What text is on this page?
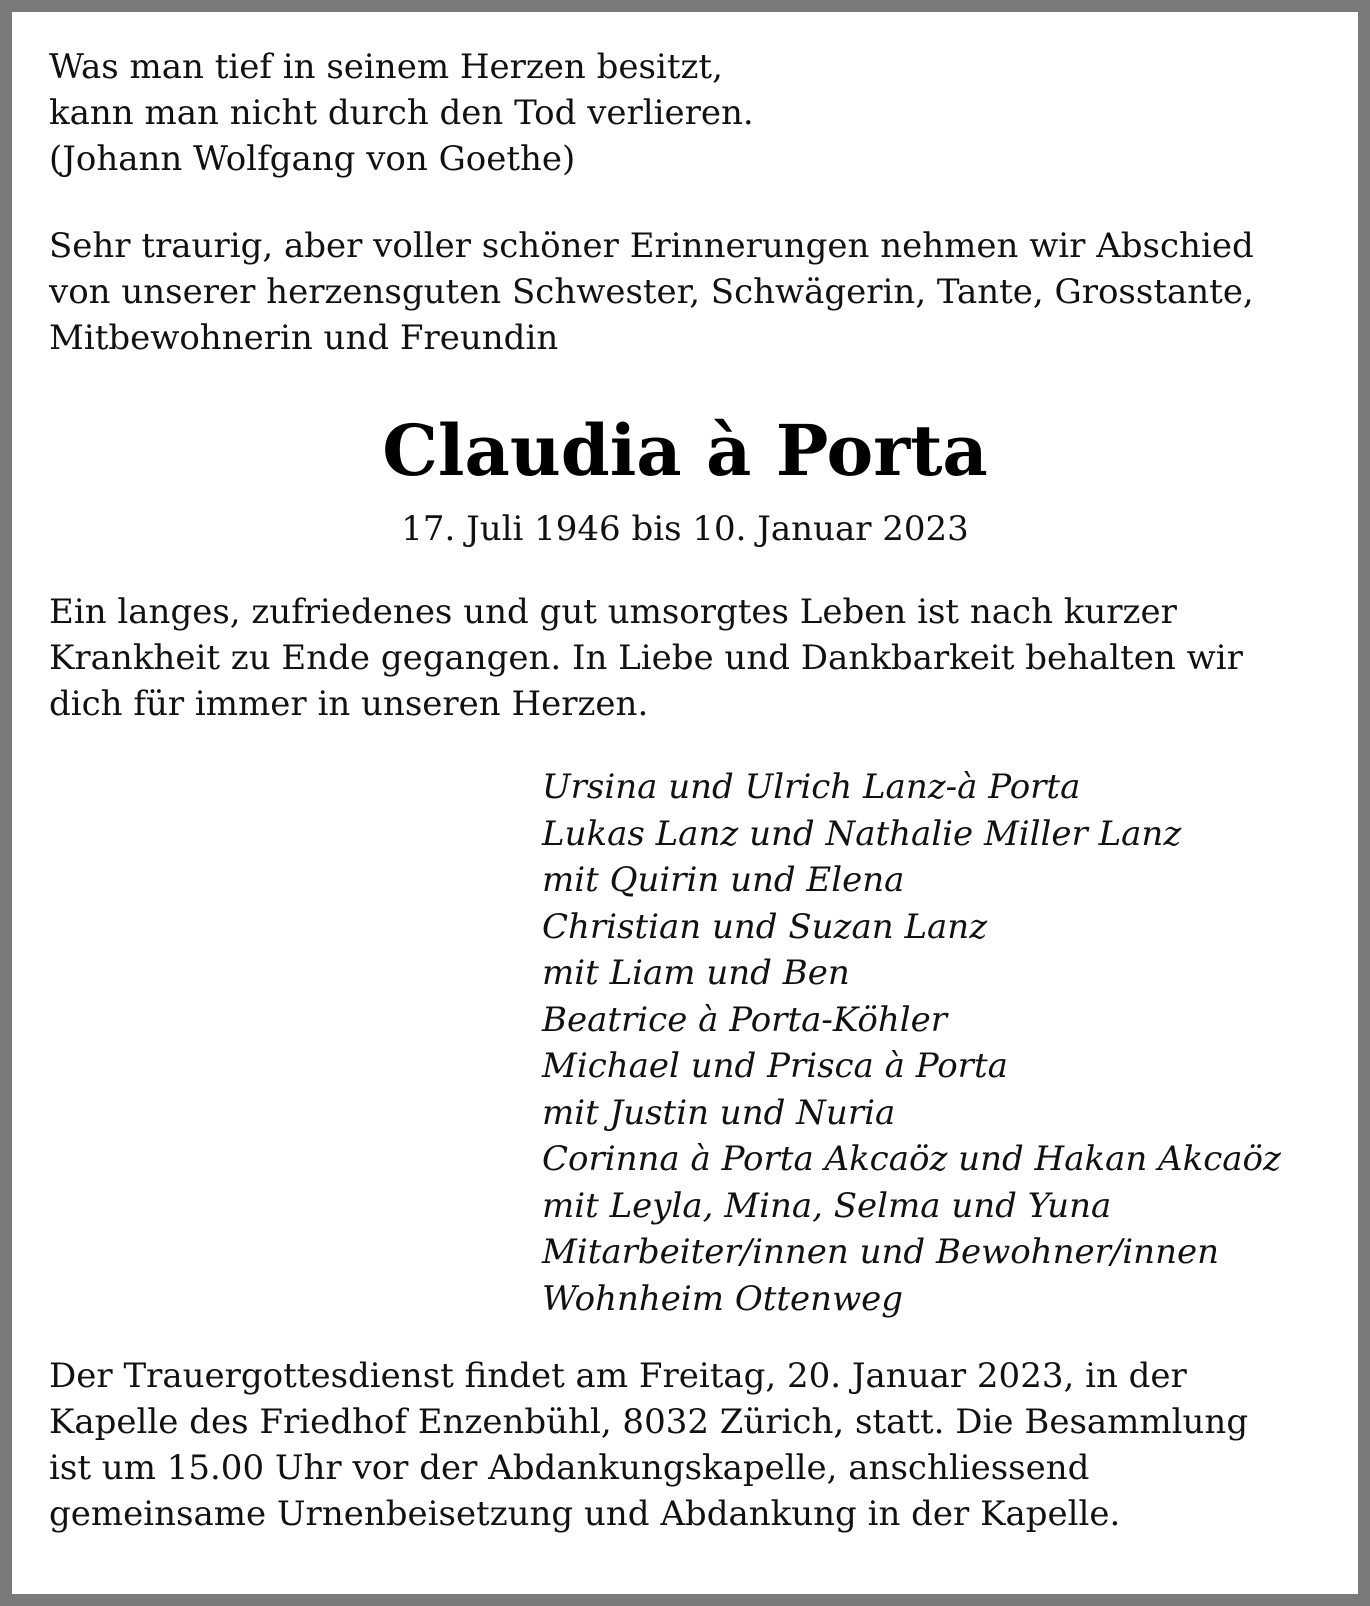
Was man tief in seinem Herzen besitzt,
kann man nicht durch den Tod verlieren.
(Johann Wolfgang von Goethe)
Sehr traurig, aber voller schöner Erinnerungen nehmen wir Abschied
von unserer herzensguten Schwester, Schwägerin, Tante, Grosstante,
Mitbewohnerin und Freundin
Claudia à Porta
17. Juli 1946 bis 10. Januar 2023
Ein langes, zufriedenes und gut umsorgtes Leben ist nach kurzer
Krankheit zu Ende gegangen. In Liebe und Dankbarkeit behalten wir
dich für immer in unseren Herzen.
Ursina und Ulrich Lanz-à Porta
Lukas Lanz und Nathalie Miller Lanz
mit Quirin und Elena
Christian und Suzan Lanz
mit Liam und Ben
Beatrice à Porta-Köhler
Michael und Prisca à Porta
mit Justin und Nuria
Corinna à Porta Akcaöz und Hakan Akcaöz
mit Leyla, Mina, Selma und Yuna
Mitarbeiter/innen und Bewohner/innen
Wohnheim Ottenweg
Der Trauergottesdienst findet am Freitag, 20. Januar 2023, in der
Kapelle des Friedhof Enzenbühl, 8032 Zürich, statt. Die Besammlung
ist um 15.00 Uhr vor der Abdankungskapelle, anschliessend
gemeinsame Urnenbeisetzung und Abdankung in der Kapelle.
